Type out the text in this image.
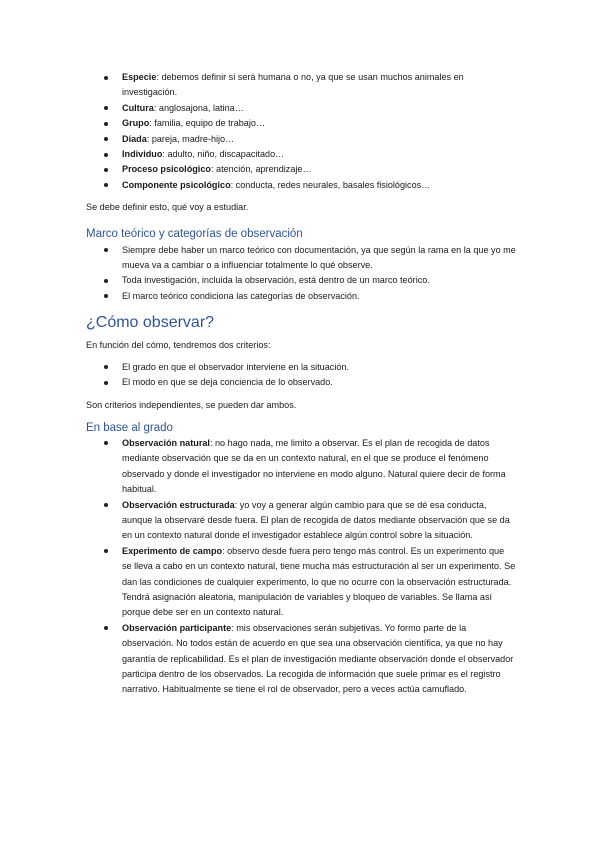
Especie: debemos definir si será humana o no, ya que se usan muchos animales en investigación.
Cultura: anglosajona, latina…
Grupo: familia, equipo de trabajo…
Díada: pareja, madre-hijo…
Individuo: adulto, niño, discapacitado…
Proceso psicológico: atención, aprendizaje…
Componente psicológico: conducta, redes neurales, basales fisiológicos…

Se debe definir esto, qué voy a estudiar.

Marco teórico y categorías de observación
Siempre debe haber un marco teórico con documentación, ya que según la rama en la que yo me mueva va a cambiar o a influenciar totalmente lo qué observe.
Toda investigación, incluida la observación, está dentro de un marco teórico.
El marco teórico condiciona las categorías de observación.
¿Cómo observar?

En función del cómo, tendremos dos criterios:

El grado en que el observador interviene en la situación.
El modo en que se deja conciencia de lo observado.

Son criterios independientes, se pueden dar ambos.

En base al grado
Observación natural: no hago nada, me limito a observar. Es el plan de recogida de datos mediante observación que se da en un contexto natural, en el que se produce el fenómeno observado y donde el investigador no interviene en modo alguno. Natural quiere decir de forma habitual.
Observación estructurada: yo voy a generar algún cambio para que se dé esa conducta, aunque la observaré desde fuera. El plan de recogida de datos mediante observación que se da en un contexto natural donde el investigador establece algún control sobre la situación.
Experimento de campo: observo desde fuera pero tengo más control. Es un experimento que se lleva a cabo en un contexto natural, tiene mucha más estructuración al ser un experimento. Se dan las condiciones de cualquier experimento, lo que no ocurre con la observación estructurada. Tendrá asignación aleatoria, manipulación de variables y bloqueo de variables. Se llama así porque debe ser en un contexto natural.
Observación participante: mis observaciones serán subjetivas. Yo formo parte de la observación. No todos están de acuerdo en que sea una observación científica, ya que no hay garantía de replicabilidad. Es el plan de investigación mediante observación donde el observador participa dentro de los observados. La recogida de información que suele primar es el registro narrativo. Habitualmente se tiene el rol de observador, pero a veces actúa camuflado.
